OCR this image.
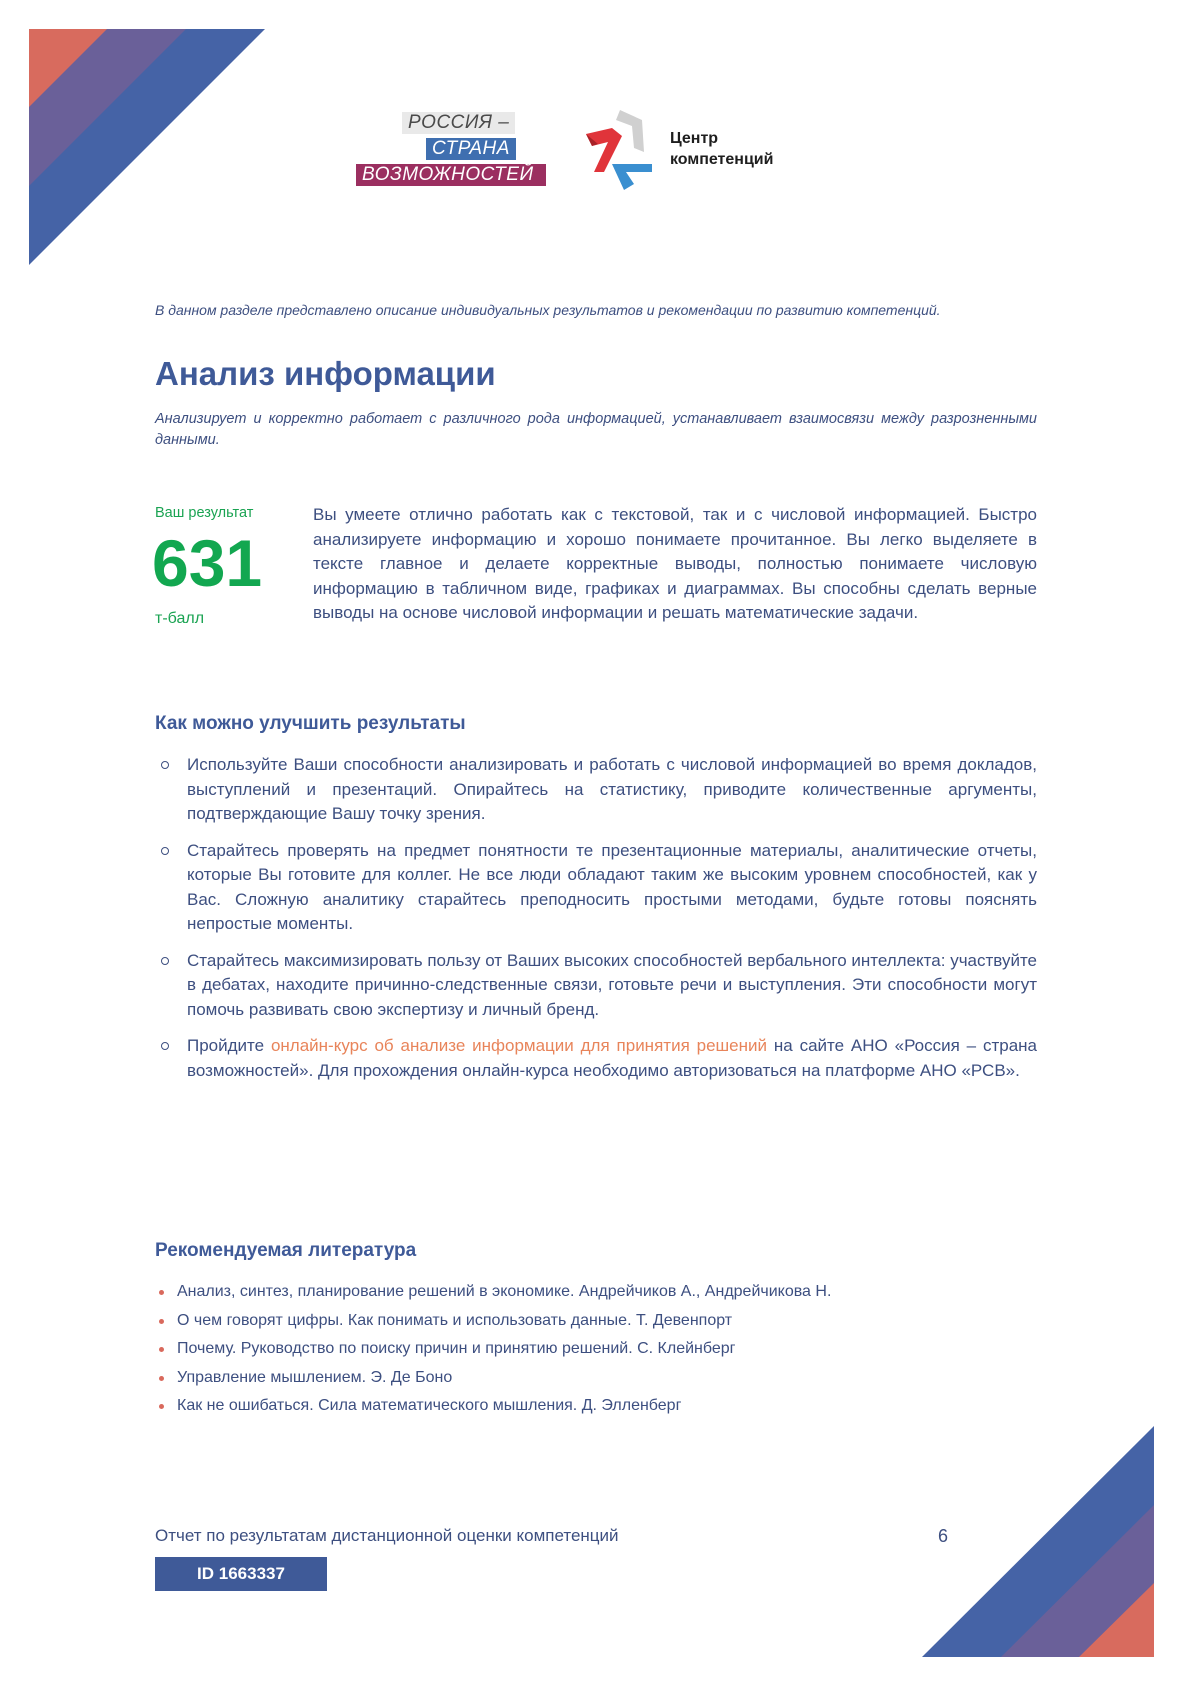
РОССИЯ –
СТРАНА
ВОЗМОЖНОСТЕЙ
Центр
компетенций
В данном разделе представлено описание индивидуальных результатов и рекомендации по развитию компетенций.
Анализ информации
Анализирует и корректно работает с различного рода информацией, устанавливает взаимосвязи между разрозненными данными.
Ваш результат
631
т-балл
Вы умеете отлично работать как с текстовой, так и с числовой информацией. Быстро анализируете информацию и хорошо понимаете прочитанное. Вы легко выделяете в тексте главное и делаете корректные выводы, полностью понимаете числовую информацию в табличном виде, графиках и диаграммах. Вы способны сделать верные выводы на основе числовой информации и решать математические задачи.
Как можно улучшить результаты
Используйте Ваши способности анализировать и работать с числовой информацией во время докладов, выступлений и презентаций. Опирайтесь на статистику, приводите количественные аргументы, подтверждающие Вашу точку зрения.
Старайтесь проверять на предмет понятности те презентационные материалы, аналитические отчеты, которые Вы готовите для коллег. Не все люди обладают таким же высоким уровнем способностей, как у Вас. Сложную аналитику старайтесь преподносить простыми методами, будьте готовы пояснять непростые моменты.
Старайтесь максимизировать пользу от Ваших высоких способностей вербального интеллекта: участвуйте в дебатах, находите причинно-следственные связи, готовьте речи и выступления. Эти способности могут помочь развивать свою экспертизу и личный бренд.
Пройдите онлайн-курс об анализе информации для принятия решений на сайте АНО «Россия – страна возможностей». Для прохождения онлайн-курса необходимо авторизоваться на платформе АНО «РСВ».
Рекомендуемая литература
Анализ, синтез, планирование решений в экономике. Андрейчиков А., Андрейчикова Н.
О чем говорят цифры. Как понимать и использовать данные. Т. Девенпорт
Почему. Руководство по поиску причин и принятию решений. С. Клейнберг
Управление мышлением. Э. Де Боно
Как не ошибаться. Сила математического мышления. Д. Элленберг
Отчет по результатам дистанционной оценки компетенций	6
ID 1663337
